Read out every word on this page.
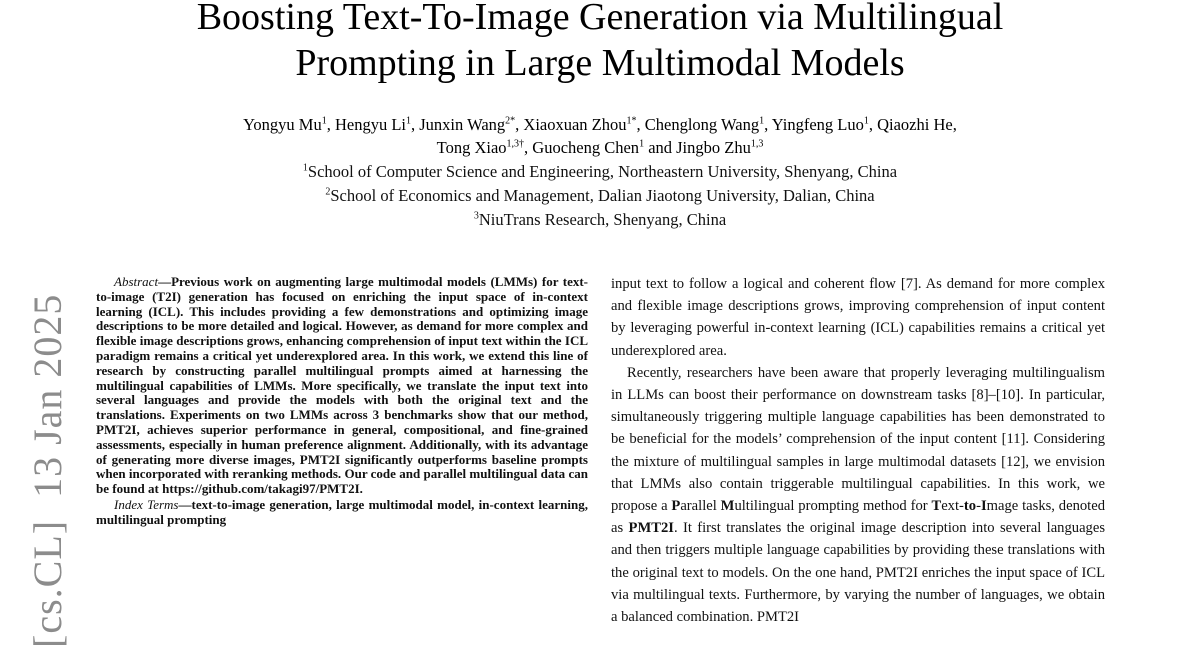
[cs.CL]13 Jan 2025
Boosting Text-To-Image Generation via Multilingual
Prompting in Large Multimodal Models
Yongyu Mu$^1$, Hengyu Li$^1$, Junxin Wang$^{2*}$, Xiaoxuan Zhou$^{1*}$, Chenglong Wang$^1$, Yingfeng Luo$^1$, Qiaozhi He,
Tong Xiao$^{1,3\dagger}$, Guocheng Chen$^1$ and Jingbo Zhu$^{1,3}$
$^1$School of Computer Science and Engineering, Northeastern University, Shenyang, China
$^2$School of Economics and Management, Dalian Jiaotong University, Dalian, China
$^3$NiuTrans Research, Shenyang, China

Abstract—Previous work on augmenting large multimodal models (LMMs) for text-to-image (T2I) generation has focused on enriching the input space of in-context learning (ICL). This includes providing a few demonstrations and optimizing image descriptions to be more detailed and logical. However, as demand for more complex and flexible image descriptions grows, enhancing comprehension of input text within the ICL paradigm remains a critical yet underexplored area. In this work, we extend this line of research by constructing parallel multilingual prompts aimed at harnessing the multilingual capabilities of LMMs. More specifically, we translate the input text into several languages and provide the models with both the original text and the translations. Experiments on two LMMs across 3 benchmarks show that our method, PMT2I, achieves superior performance in general, compositional, and fine-grained assessments, especially in human preference alignment. Additionally, with its advantage of generating more diverse images, PMT2I significantly outperforms baseline prompts when incorporated with reranking methods. Our code and parallel multilingual data can be found at https://github.com/takagi97/PMT2I.

Index Terms—text-to-image generation, large multimodal model, in-context learning, multilingual prompting

input text to follow a logical and coherent flow [7]. As demand for more complex and flexible image descriptions grows, improving comprehension of input content by leveraging powerful in-context learning (ICL) capabilities remains a critical yet underexplored area.

Recently, researchers have been aware that properly leveraging multilingualism in LLMs can boost their performance on downstream tasks [8]–[10]. In particular, simultaneously triggering multiple language capabilities has been demonstrated to be beneficial for the models’ comprehension of the input content [11]. Considering the mixture of multilingual samples in large multimodal datasets [12], we envision that LMMs also contain triggerable multilingual capabilities. In this work, we propose a Parallel Multilingual prompting method for Text-to-Image tasks, denoted as PMT2I. It first translates the original image description into several languages and then triggers multiple language capabilities by providing these translations with the original text to models. On the one hand, PMT2I enriches the input space of ICL via multilingual texts. Furthermore, by varying the number of languages, we obtain a balanced combination. PMT2I
